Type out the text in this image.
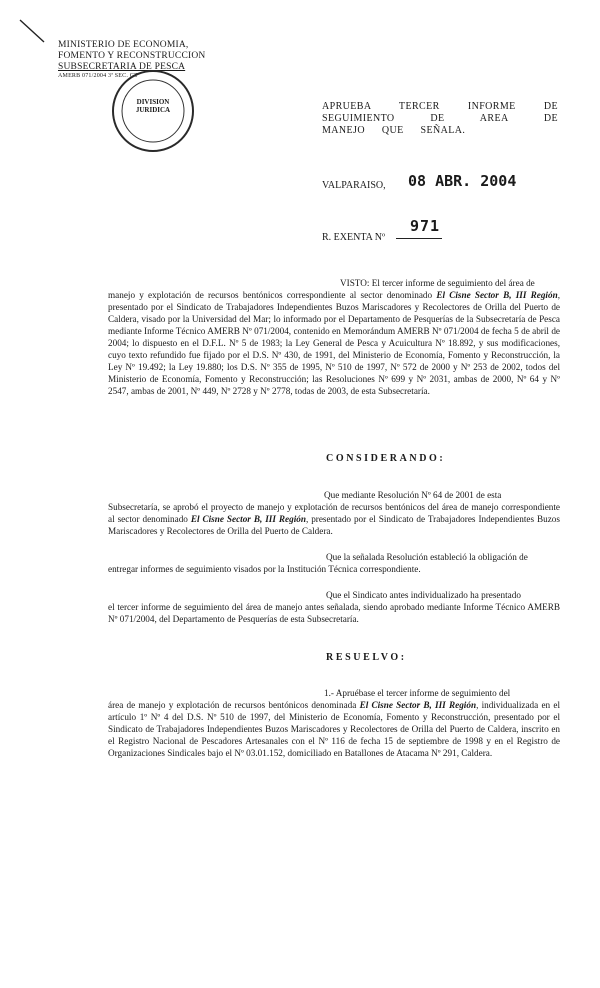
MINISTERIO DE ECONOMIA,
FOMENTO Y RECONSTRUCCION
SUBSECRETARIA DE PESCA
AMERB 071/2004 3ª SEC. GT
DIVISION
JURIDICA	APRUEBA TERCER INFORME DE SEGUIMIENTO DE AREA DE MANEJO QUE SEÑALA.
VALPARAISO, 08 ABR. 2004
R. EXENTA Nº
971
VISTO: El tercer informe de seguimiento del área de
manejo y explotación de recursos bentónicos correspondiente al sector denominado El Cisne Sector B, III Región, presentado por el Sindicato de Trabajadores Independientes Buzos Mariscadores y Recolectores de Orilla del Puerto de Caldera, visado por la Universidad del Mar; lo informado por el Departamento de Pesquerías de la Subsecretaría de Pesca mediante Informe Técnico AMERB Nº 071/2004, contenido en Memorándum AMERB Nº 071/2004 de fecha 5 de abril de 2004; lo dispuesto en el D.F.L. Nº 5 de 1983; la Ley General de Pesca y Acuicultura Nº 18.892, y sus modificaciones, cuyo texto refundido fue fijado por el D.S. Nº 430, de 1991, del Ministerio de Economía, Fomento y Reconstrucción, la Ley Nº 19.492; la Ley 19.880; los D.S. Nº 355 de 1995, Nº 510 de 1997, Nº 572 de 2000 y Nº 253 de 2002, todos del Ministerio de Economía, Fomento y Reconstrucción; las Resoluciones Nº 699 y Nº 2031, ambas de 2000, Nº 64 y Nº 2547, ambas de 2001, Nº 449, Nº 2728 y Nº 2778, todas de 2003, de esta Subsecretaría.
CONSIDERANDO:
Que mediante Resolución Nº 64 de 2001 de esta
Subsecretaría, se aprobó el proyecto de manejo y explotación de recursos bentónicos del área de manejo correspondiente al sector denominado El Cisne Sector B, III Región, presentado por el Sindicato de Trabajadores Independientes Buzos Mariscadores y Recolectores de Orilla del Puerto de Caldera.
Que la señalada Resolución estableció la obligación de
entregar informes de seguimiento visados por la Institución Técnica correspondiente.
Que el Sindicato antes individualizado ha presentado
el tercer informe de seguimiento del área de manejo antes señalada, siendo aprobado mediante Informe Técnico AMERB Nº 071/2004, del Departamento de Pesquerías de esta Subsecretaría.
RESUELVO:
1.- Apruébase el tercer informe de seguimiento del
área de manejo y explotación de recursos bentónicos denominada El Cisne Sector B, III Región, individualizada en el artículo 1º Nº 4 del D.S. Nº 510 de 1997, del Ministerio de Economía, Fomento y Reconstrucción, presentado por el Sindicato de Trabajadores Independientes Buzos Mariscadores y Recolectores de Orilla del Puerto de Caldera, inscrito en el Registro Nacional de Pescadores Artesanales con el Nº 116 de fecha 15 de septiembre de 1998 y en el Registro de Organizaciones Sindicales bajo el Nº 03.01.152, domiciliado en Batallones de Atacama Nº 291, Caldera.
